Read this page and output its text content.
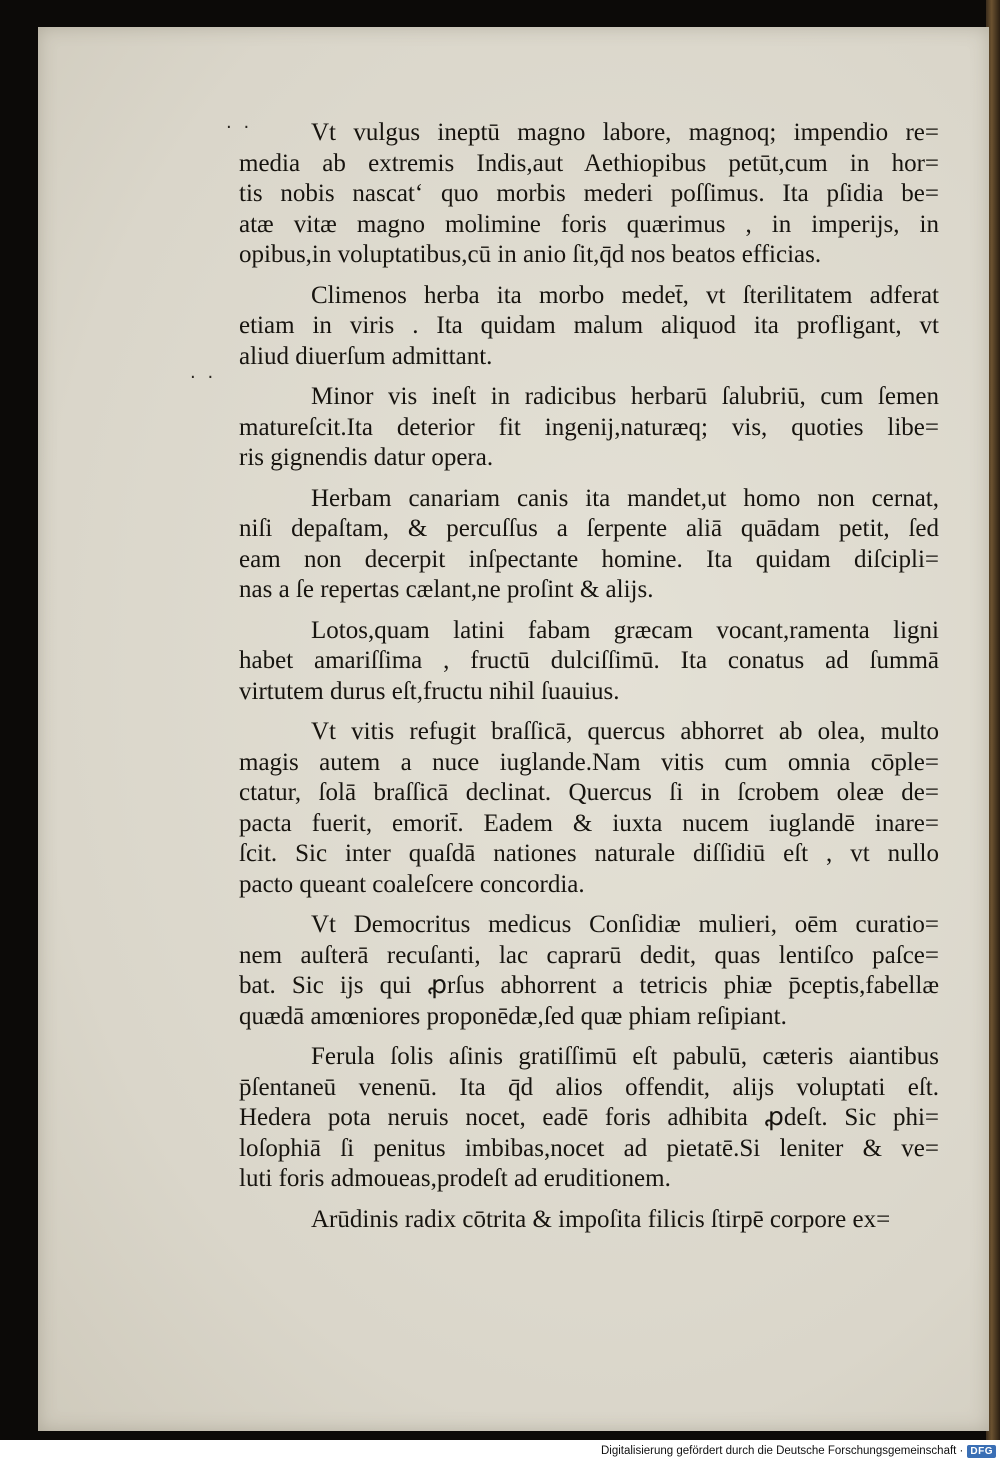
· ·
· ·
Vt vulgus ineptū magno labore, magnoq; impendio re=
media ab extremis Indis,aut Aethiopibus petūt,cum in hor=
tis nobis nascat‘ quo morbis mederi poſſimus. Ita pſidia be=
atæ vitæ magno molimine foris quærimus , in imperijs, in
opibus,in voluptatibus,cū in anio ſit,q̄d nos beatos efficias.
Climenos herba ita morbo medet̄, vt ſterilitatem adferat
etiam in viris . Ita quidam malum aliquod ita profligant, vt
aliud diuerſum admittant.
Minor vis ineſt in radicibus herbarū ſalubriū, cum ſemen
matureſcit.Ita deterior fit ingenij,naturæq; vis, quoties libe=
ris gignendis datur opera.
Herbam canariam canis ita mandet,ut homo non cernat,
niſi depaſtam, & percuſſus a ſerpente aliā quādam petit, ſed
eam non decerpit inſpectante homine. Ita quidam diſcipli=
nas a ſe repertas cælant,ne proſint & alijs.
Lotos,quam latini fabam græcam vocant,ramenta ligni
habet amariſſima , fructū dulciſſimū. Ita conatus ad ſummā
virtutem durus eſt,fructu nihil ſuauius.
Vt vitis refugit braſſicā, quercus abhorret ab olea, multo
magis autem a nuce iuglande.Nam vitis cum omnia cōple=
ctatur, ſolā braſſicā declinat. Quercus ſi in ſcrobem oleæ de=
pacta fuerit, emorit̄. Eadem & iuxta nucem iuglandē inare=
ſcit. Sic inter quaſdā nationes naturale diſſidiū eſt , vt nullo
pacto queant coaleſcere concordia.
Vt Democritus medicus Conſidiæ mulieri, oēm curatio=
nem auſterā recuſanti, lac caprarū dedit, quas lentiſco paſce=
bat. Sic ijs qui ꝓrſus abhorrent a tetricis phiæ p̄ceptis,fabellæ
quædā amœniores proponēdæ,ſed quæ phiam reſipiant.
Ferula ſolis aſinis gratiſſimū eſt pabulū, cæteris aiantibus
p̄ſentaneū venenū. Ita q̄d alios offendit, alijs voluptati eſt.
Hedera pota neruis nocet, eadē foris adhibita ꝓdeſt. Sic phi=
loſophiā ſi penitus imbibas,nocet ad pietatē.Si leniter & ve=
luti foris admoueas,prodeſt ad eruditionem.
Arūdinis radix cōtrita & impoſita filicis ſtirpē corpore ex=
Digitalisierung gefördert durch die Deutsche Forschungsgemeinschaft · DFG
